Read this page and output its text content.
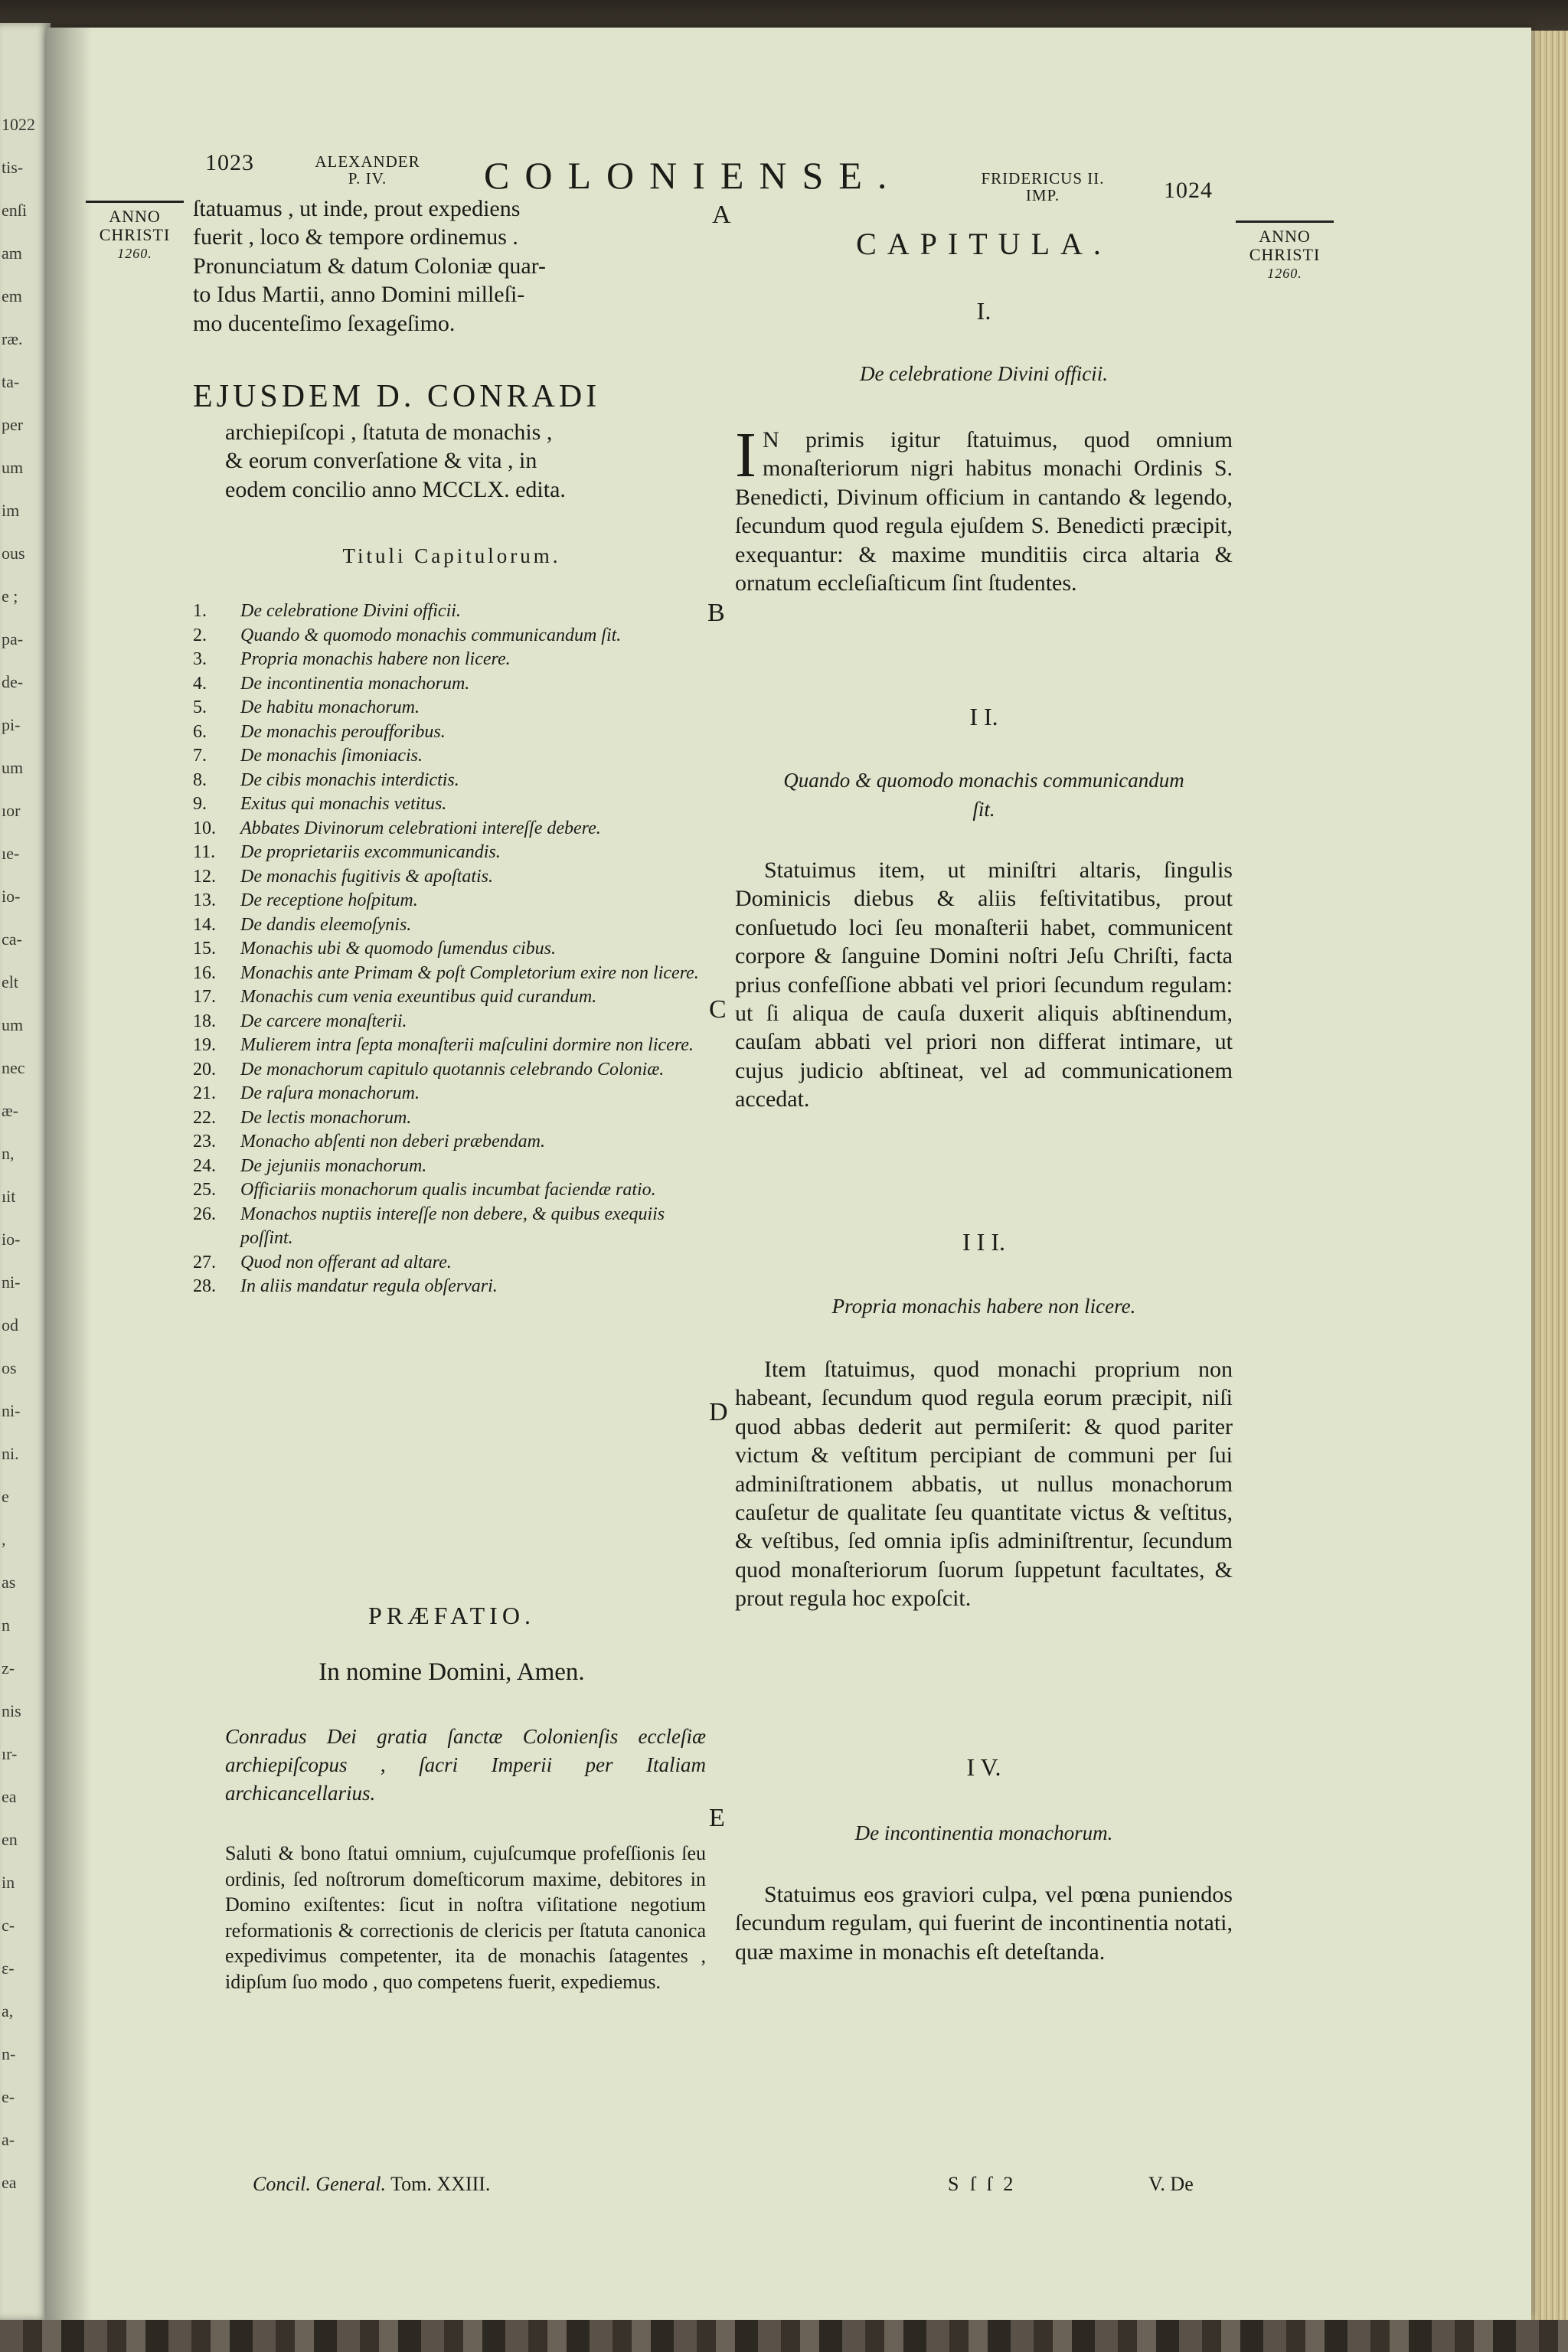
1022
tis-
enſi
am
em
ræ.
ta-
per
um
im
ous
e ;
pa-
de-
pi-
um
ıor
ıe-
io-
ca-
elt
um
nec
æ-
n,
ıit
io-
ni-
od
os
ni-
ni.
e
,
as
n
z-
nis
ır-
ea
en
in
c-
ɛ-
a,
n-
e-
a-
ea
1023	ALEXANDER
P. IV.	COLONIENSE.	FRIDERICUS II.
IMP.	1024
ANNO
CHRISTI
1260.
ANNO
CHRISTI
1260.
A
B
C
D
E
ſtatuamus , ut inde, prout expediens
fuerit , loco & tempore ordinemus .
Pronunciatum & datum Coloniæ quar-
to Idus Martii, anno Domini milleſi-
mo ducenteſimo ſexageſimo.
EJUSDEM D. CONRADI
archiepiſcopi , ſtatuta de monachis ,
& eorum converſatione & vita , in
eodem concilio anno MCCLX. edita.
Tituli Capitulorum.
1. De celebratione Divini officii.
2. Quando & quomodo monachis communicandum ſit.
3. Propria monachis habere non licere.
4. De incontinentia monachorum.
5. De habitu monachorum.
6. De monachis peroufforibus.
7. De monachis ſimoniacis.
8. De cibis monachis interdictis.
9. Exitus qui monachis vetitus.
10. Abbates Divinorum celebrationi intereſſe debere.
11. De proprietariis excommunicandis.
12. De monachis fugitivis & apoſtatis.
13. De receptione hoſpitum.
14. De dandis eleemoſynis.
15. Monachis ubi & quomodo ſumendus cibus.
16. Monachis ante Primam & poſt Completorium exire non licere.
17. Monachis cum venia exeuntibus quid curandum.
18. De carcere monaſterii.
19. Mulierem intra ſepta monaſterii maſculini dormire non licere.
20. De monachorum capitulo quotannis celebrando Coloniæ.
21. De raſura monachorum.
22. De lectis monachorum.
23. Monacho abſenti non deberi præbendam.
24. De jejuniis monachorum.
25. Officiariis monachorum qualis incumbat faciendæ ratio.
26. Monachos nuptiis intereſſe non debere, & quibus exequiis poſſint.
27. Quod non offerant ad altare.
28. In aliis mandatur regula obſervari.
PRÆFATIO.
In nomine Domini, Amen.
Conradus Dei gratia ſanctæ Colonienſis eccleſiæ archiepiſcopus , ſacri Imperii per Italiam archicancellarius.

Saluti & bono ſtatui omnium, cujuſcumque profeſſionis ſeu ordinis, ſed noſtrorum domeſticorum maxime, debitores in Domino exiſtentes: ſicut in noſtra viſitatione negotium reformationis & correctionis de clericis per ſtatuta canonica expedivimus competenter, ita de monachis ſatagentes , idipſum ſuo modo , quo competens fuerit, expediemus.

CAPITULA.
I.
De celebratione Divini officii.
I N primis igitur ſtatuimus, quod omnium monaſteriorum nigri habitus monachi Ordinis S. Benedicti, Divinum officium in cantando & legendo, ſecundum quod regula ejuſdem S. Benedicti præcipit, exequantur: & maxime munditiis circa altaria & ornatum eccleſiaſticum ſint ſtudentes.

I I.
Quando & quomodo monachis communicandum ſit.

Statuimus item, ut miniſtri altaris, ſingulis Dominicis diebus & aliis feſtivitatibus, prout conſuetudo loci ſeu monaſterii habet, communicent corpore & ſanguine Domini noſtri Jeſu Chriſti, facta prius confeſſione abbati vel priori ſecundum regulam: ut ſi aliqua de cauſa duxerit aliquis abſtinendum, cauſam abbati vel priori non differat intimare, ut cujus judicio abſtineat, vel ad communicationem accedat.

I I I.
Propria monachis habere non licere.

Item ſtatuimus, quod monachi proprium non habeant, ſecundum quod regula eorum præcipit, niſi quod abbas dederit aut permiſerit: & quod pariter victum & veſtitum percipiant de communi per ſui adminiſtrationem abbatis, ut nullus monachorum cauſetur de qualitate ſeu quantitate victus & veſtitus, & veſtibus, ſed omnia ipſis adminiſtrentur, ſecundum quod monaſteriorum ſuorum ſuppetunt facultates, & prout regula hoc expoſcit.

I V.
De incontinentia monachorum.

Statuimus eos graviori culpa, vel pœna puniendos ſecundum regulam, qui fuerint de incontinentia notati, quæ maxime in monachis eſt deteſtanda.

Concil. General. Tom. XXIII.	S ſ ſ 2	V. De
